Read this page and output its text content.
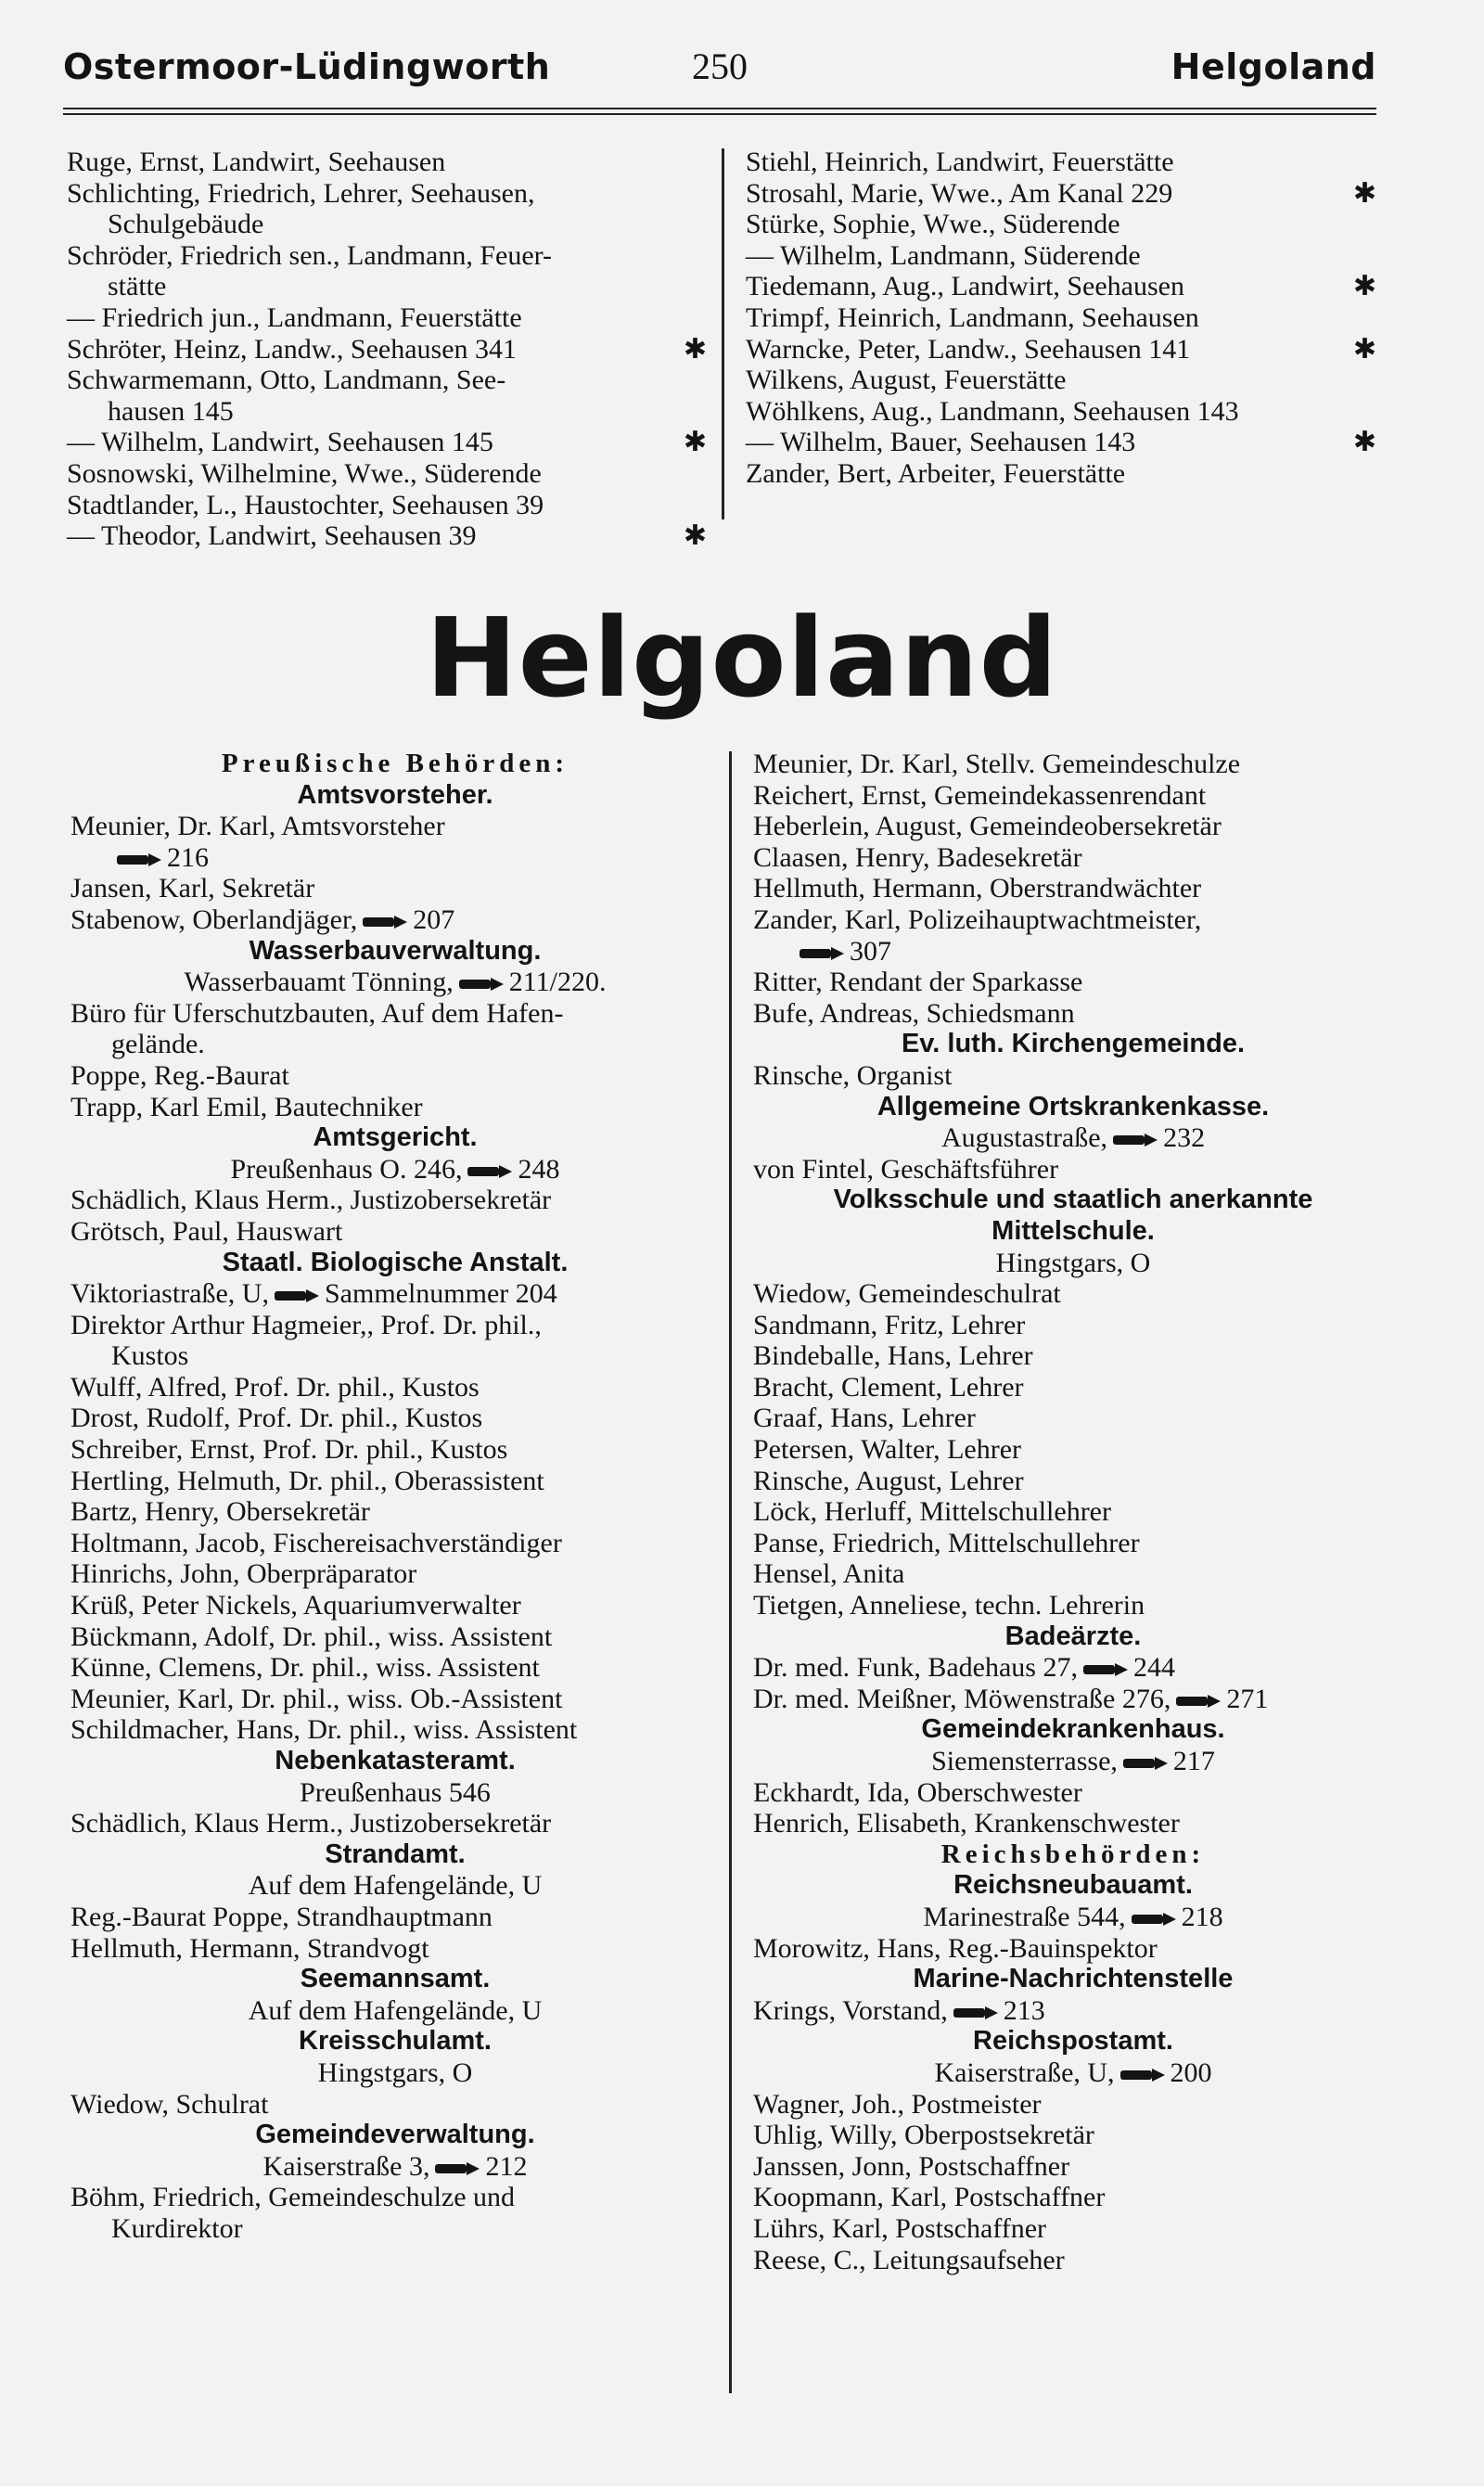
Ostermoor-Lüdingworth	250	Helgoland
Ruge, Ernst, Landwirt, Seehausen
Schlichting, Friedrich, Lehrer, Seehausen,
Schulgebäude
Schröder, Friedrich sen., Landmann, Feuer-
stätte
— Friedrich jun., Landmann, Feuerstätte
Schröter, Heinz, Landw., Seehausen 341	✱
Schwarmemann, Otto, Landmann, See-
hausen 145
— Wilhelm, Landwirt, Seehausen 145	✱
Sosnowski, Wilhelmine, Wwe., Süderende
Stadtlander, L., Haustochter, Seehausen 39
— Theodor, Landwirt, Seehausen 39	✱
Stiehl, Heinrich, Landwirt, Feuerstätte
Strosahl, Marie, Wwe., Am Kanal 229	✱
Stürke, Sophie, Wwe., Süderende
— Wilhelm, Landmann, Süderende
Tiedemann, Aug., Landwirt, Seehausen	✱
Trimpf, Heinrich, Landmann, Seehausen
Warncke, Peter, Landw., Seehausen 141	✱
Wilkens, August, Feuerstätte
Wöhlkens, Aug., Landmann, Seehausen 143
— Wilhelm, Bauer, Seehausen 143	✱
Zander, Bert, Arbeiter, Feuerstätte
Helgoland
Preußische Behörden:
Amtsvorsteher.
Meunier, Dr. Karl, Amtsvorsteher
216
Jansen, Karl, Sekretär
Stabenow, Oberlandjäger, 207
Wasserbauverwaltung.
Wasserbauamt Tönning, 211/220.
Büro für Uferschutzbauten, Auf dem Hafen-
gelände.
Poppe, Reg.-Baurat
Trapp, Karl Emil, Bautechniker
Amtsgericht.
Preußenhaus O. 246, 248
Schädlich, Klaus Herm., Justizobersekretär
Grötsch, Paul, Hauswart
Staatl. Biologische Anstalt.
Viktoriastraße, U, Sammelnummer 204
Direktor Arthur Hagmeier,, Prof. Dr. phil.,
Kustos
Wulff, Alfred, Prof. Dr. phil., Kustos
Drost, Rudolf, Prof. Dr. phil., Kustos
Schreiber, Ernst, Prof. Dr. phil., Kustos
Hertling, Helmuth, Dr. phil., Oberassistent
Bartz, Henry, Obersekretär
Holtmann, Jacob, Fischereisachverständiger
Hinrichs, John, Oberpräparator
Krüß, Peter Nickels, Aquariumverwalter
Bückmann, Adolf, Dr. phil., wiss. Assistent
Künne, Clemens, Dr. phil., wiss. Assistent
Meunier, Karl, Dr. phil., wiss. Ob.-Assistent
Schildmacher, Hans, Dr. phil., wiss. Assistent
Nebenkatasteramt.
Preußenhaus 546
Schädlich, Klaus Herm., Justizobersekretär
Strandamt.
Auf dem Hafengelände, U
Reg.-Baurat Poppe, Strandhauptmann
Hellmuth, Hermann, Strandvogt
Seemannsamt.
Auf dem Hafengelände, U
Kreisschulamt.
Hingstgars, O
Wiedow, Schulrat
Gemeindeverwaltung.
Kaiserstraße 3, 212
Böhm, Friedrich, Gemeindeschulze und
Kurdirektor
Meunier, Dr. Karl, Stellv. Gemeindeschulze
Reichert, Ernst, Gemeindekassenrendant
Heberlein, August, Gemeindeobersekretär
Claasen, Henry, Badesekretär
Hellmuth, Hermann, Oberstrandwächter
Zander, Karl, Polizeihauptwachtmeister,
307
Ritter, Rendant der Sparkasse
Bufe, Andreas, Schiedsmann
Ev. luth. Kirchengemeinde.
Rinsche, Organist
Allgemeine Ortskrankenkasse.
Augustastraße, 232
von Fintel, Geschäftsführer
Volksschule und staatlich anerkannte
Mittelschule.
Hingstgars, O
Wiedow, Gemeindeschulrat
Sandmann, Fritz, Lehrer
Bindeballe, Hans, Lehrer
Bracht, Clement, Lehrer
Graaf, Hans, Lehrer
Petersen, Walter, Lehrer
Rinsche, August, Lehrer
Löck, Herluff, Mittelschullehrer
Panse, Friedrich, Mittelschullehrer
Hensel, Anita
Tietgen, Anneliese, techn. Lehrerin
Badeärzte.
Dr. med. Funk, Badehaus 27, 244
Dr. med. Meißner, Möwenstraße 276, 271
Gemeindekrankenhaus.
Siemensterrasse, 217
Eckhardt, Ida, Oberschwester
Henrich, Elisabeth, Krankenschwester
Reichsbehörden:
Reichsneubauamt.
Marinestraße 544, 218
Morowitz, Hans, Reg.-Bauinspektor
Marine-Nachrichtenstelle
Krings, Vorstand, 213
Reichspostamt.
Kaiserstraße, U, 200
Wagner, Joh., Postmeister
Uhlig, Willy, Oberpostsekretär
Janssen, Jonn, Postschaffner
Koopmann, Karl, Postschaffner
Lührs, Karl, Postschaffner
Reese, C., Leitungsaufseher
